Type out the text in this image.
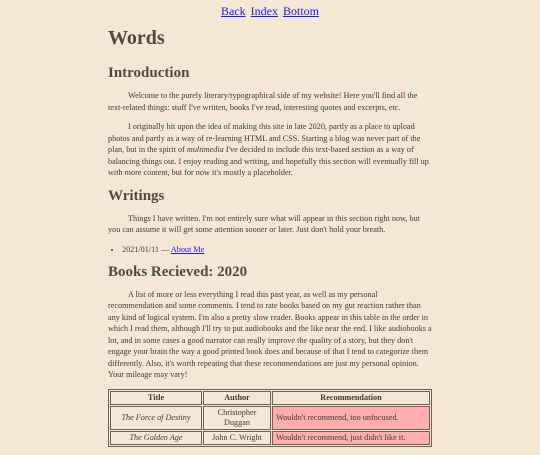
Back Index Bottom
Words
Introduction

Welcome to the purely literary/typographical side of my website! Here you'll find all the text-related things: stuff I've written, books I've read, interesting quotes and excerpts, etc.

I originally hit upon the idea of making this site in late 2020, partly as a place to upload photos and partly as a way of re-learning HTML and CSS. Starting a blog was never part of the plan, but in the spirit of multimedia I've decided to include this text-based section as a way of balancing things out. I enjoy reading and writing, and hopefully this section will eventually fill up with more content, but for now it's mostly a placeholder.

Writings

Things I have written. I'm not entirely sure what will appear in this section right now, but you can assume it will get some attention sooner or later. Just don't hold your breath.

• 2021/01/11 — About Me
Books Recieved: 2020

A list of more or less everything I read this past year, as well as my personal recommendation and some comments. I tend to rate books based on my gut reaction rather than any kind of logical system. I'm also a pretty slow reader. Books appear in this table in the order in which I read them, although I'll try to put audiobooks and the like near the end. I like audiobooks a lot, and in some cases a good narrator can really improve the quality of a story, but they don't engage your brain the way a good printed book does and because of that I tend to categorize them differently. Also, it's worth repeating that these recommendations are just my personal opinion. Your mileage may vary!

Title	Author	Recommendation
The Force of Destiny	Christopher Duggan	Wouldn't recommend, too unfocused.
The Golden Age	John C. Wright	Wouldn't recommend, just didn't like it.
